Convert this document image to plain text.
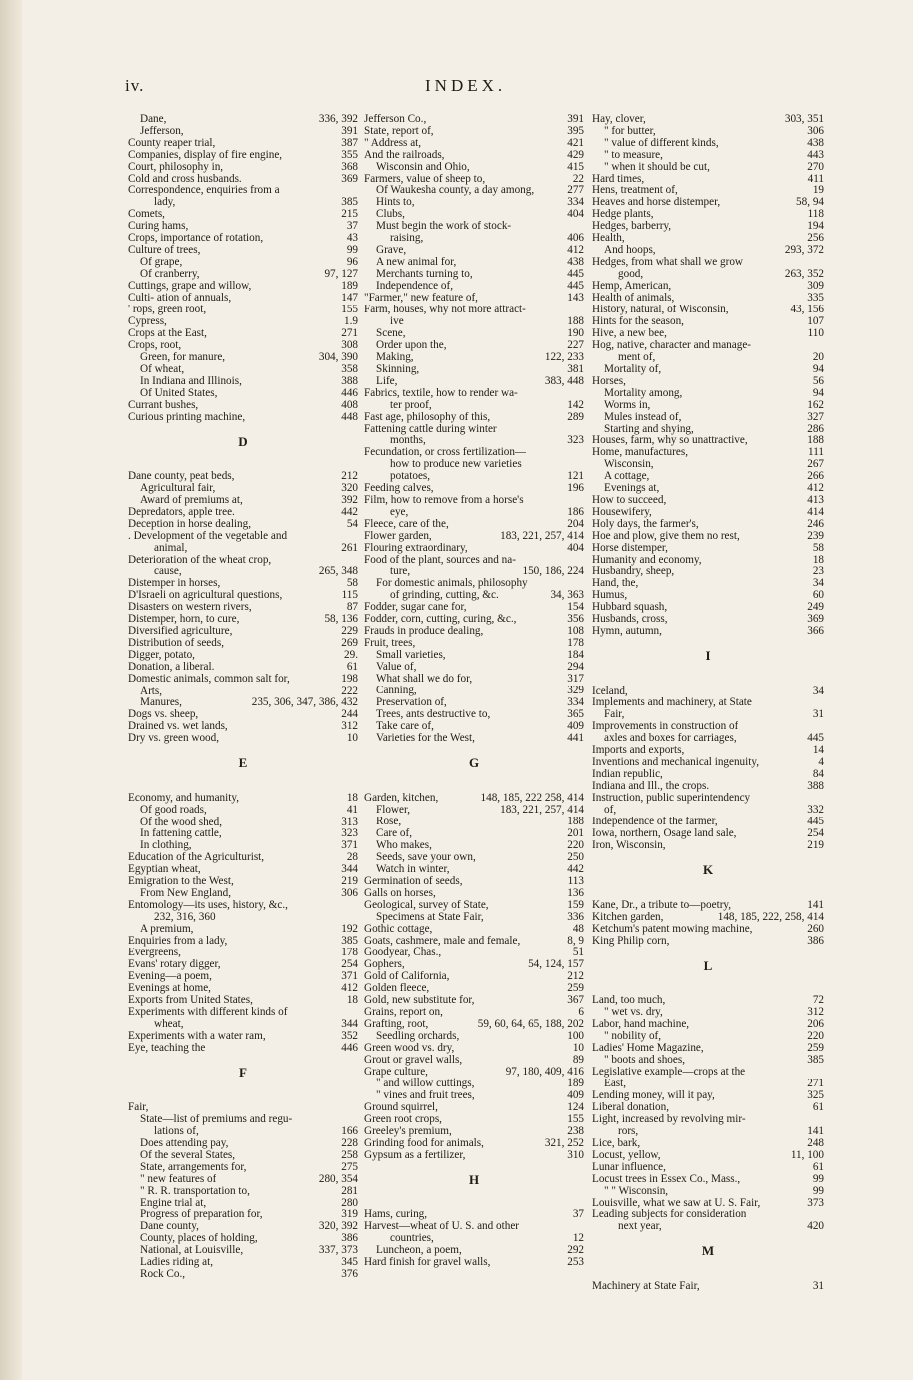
iv.	INDEX.
Dane,	336, 392
Jefferson,	391
County reaper trial,	387
Companies, display of fire engine,	355
Court, philosophy in,	368
Cold and cross husbands.	369
Correspondence, enquiries from a
lady,	385
Comets,	215
Curing hams,	37
Crops, importance of rotation,	43
Culture of trees,	99
Of grape,	96
Of cranberry,	97, 127
Cuttings, grape and willow,	189
Culti- ation of annuals,	147
' rops, green root,	155
Cypress,	1.9
Crops at the East,	271
Crops, root,	308
Green, for manure,	304, 390
Of wheat,	358
In Indiana and Illinois,	388
Of United States,	446
Currant bushes,	408
Curious printing machine,	448
D
Dane county, peat beds,	212
Agricultural fair,	320
Award of premiums at,	392
Depredators, apple tree.	442
Deception in horse dealing,	54
. Development of the vegetable and
animal,	261
Deterioration of the wheat crop,
cause,	265, 348
Distemper in horses,	58
D'Israeli on agricultural questions,	115
Disasters on western rivers,	87
Distemper, horn, to cure,	58, 136
Diversified agriculture,	229
Distribution of seeds,	269
Digger, potato,	29.
Donation, a liberal.	61
Domestic animals, common salt for,	198
Arts,	222
Manures,	235, 306, 347, 386, 432
Dogs vs. sheep,	244
Drained vs. wet lands,	312
Dry vs. green wood,	10
E
Economy, and humanity,	18
Of good roads,	41
Of the wood shed,	313
In fattening cattle,	323
In clothing,	371
Education of the Agriculturist,	28
Egyptian wheat,	344
Emigration to the West,	219
From New England,	306
Entomology—its uses, history, &c.,
232, 316, 360
A premium,	192
Enquiries from a lady,	385
Evergreens,	178
Evans' rotary digger,	254
Evening—a poem,	371
Evenings at home,	412
Exports from United States,	18
Experiments with different kinds of
wheat,	344
Experiments with a water ram,	352
Eye, teaching the	446
F
Fair,
State—list of premiums and regu-
lations of,	166
Does attending pay,	228
Of the several States,	258
State, arrangements for,	275
" new features of	280, 354
" R. R. transportation to,	281
Engine trial at,	280
Progress of preparation for,	319
Dane county,	320, 392
County, places of holding,	386
National, at Louisville,	337, 373
Ladies riding at,	345
Rock Co.,	376
Jefferson Co.,	391
State, report of,	395
" Address at,	421
And the railroads,	429
Wisconsin and Ohio,	415
Farmers, value of sheep to,	22
Of Waukesha county, a day among,	277
Hints to,	334
Clubs,	404
Must begin the work of stock-
raising,	406
Grave,	412
A new animal for,	438
Merchants turning to,	445
Independence of,	445
"Farmer," new feature of,	143
Farm, houses, why not more attract-
ive	188
Scene,	190
Order upon the,	227
Making,	122, 233
Skinning,	381
Life,	383, 448
Fabrics, textile, how to render wa-
ter proof,	142
Fast age, philosophy of this,	289
Fattening cattle during winter
months,	323
Fecundation, or cross fertilization—
how to produce new varieties
potatoes,	121
Feeding calves,	196
Film, how to remove from a horse's
eye,	186
Fleece, care of the,	204
Flower garden,	183, 221, 257, 414
Flouring extraordinary,	404
Food of the plant, sources and na-
ture,	150, 186, 224
For domestic animals, philosophy
of grinding, cutting, &c.	34, 363
Fodder, sugar cane for,	154
Fodder, corn, cutting, curing, &c.,	356
Frauds in produce dealing,	108
Fruit, trees,	178
Small varieties,	184
Value of,	294
What shall we do for,	317
Canning,	329
Preservation of,	334
Trees, ants destructive to,	365
Take care of,	409
Varieties for the West,	441
G
Garden, kitchen,	148, 185, 222 258, 414
Flower,	183, 221, 257, 414
Rose,	188
Care of,	201
Who makes,	220
Seeds, save your own,	250
Watch in winter,	442
Germination of seeds,	113
Galls on horses,	136
Geological, survey of State,	159
Specimens at State Fair,	336
Gothic cottage,	48
Goats, cashmere, male and female,	8, 9
Goodyear, Chas.,	51
Gophers,	54, 124, 157
Gold of California,	212
Golden fleece,	259
Gold, new substitute for,	367
Grains, report on,	6
Grafting, root,	59, 60, 64, 65, 188, 202
Seedling orchards,	100
Green wood vs. dry,	10
Grout or gravel walls,	89
Grape culture,	97, 180, 409, 416
" and willow cuttings,	189
" vines and fruit trees,	409
Ground squirrel,	124
Green root crops,	155
Greeley's premium,	238
Grinding food for animals,	321, 252
Gypsum as a fertilizer,	310
H
Hams, curing,	37
Harvest—wheat of U. S. and other
countries,	12
Luncheon, a poem,	292
Hard finish for gravel walls,	253
Hay, clover,	303, 351
" for butter,	306
" value of different kinds,	438
" to measure,	443
" when it should be cut,	270
Hard times,	411
Hens, treatment of,	19
Heaves and horse distemper,	58, 94
Hedge plants,	118
Hedges, barberry,	194
Health,	256
And hoops,	293, 372
Hedges, from what shall we grow
good,	263, 352
Hemp, American,	309
Health of animals,	335
History, natural, of Wisconsin,	43, 156
Hints for the season,	107
Hive, a new bee,	110
Hog, native, character and manage-
ment of,	20
Mortality of,	94
Horses,	56
Mortality among,	94
Worms in,	162
Mules instead of,	327
Starting and shying,	286
Houses, farm, why so unattractive,	188
Home, manufactures,	111
Wisconsin,	267
A cottage,	266
Evenings at,	412
How to succeed,	413
Housewifery,	414
Holy days, the farmer's,	246
Hoe and plow, give them no rest,	239
Horse distemper,	58
Humanity and economy,	18
Husbandry, sheep,	23
Hand, the,	34
Humus,	60
Hubbard squash,	249
Husbands, cross,	369
Hymn, autumn,	366
I
Iceland,	34
Implements and machinery, at State
Fair,	31
Improvements in construction of
axles and boxes for carriages,	445
Imports and exports,	14
Inventions and mechanical ingenuity,	4
Indian republic,	84
Indiana and Ill., the crops.	388
Instruction, public superintendency
of,	332
Independence of the farmer,	445
Iowa, northern, Osage land sale,	254
Iron, Wisconsin,	219
K
Kane, Dr., a tribute to—poetry,	141
Kitchen garden,	148, 185, 222, 258, 414
Ketchum's patent mowing machine,	260
King Philip corn,	386
L
Land, too much,	72
" wet vs. dry,	312
Labor, hand machine,	206
" nobility of,	220
Ladies' Home Magazine,	259
" boots and shoes,	385
Legislative example—crops at the
East,	271
Lending money, will it pay,	325
Liberal donation,	61
Light, increased by revolving mir-
rors,	141
Lice, bark,	248
Locust, yellow,	11, 100
Lunar influence,	61
Locust trees in Essex Co., Mass.,	99
" " Wisconsin,	99
Louisville, what we saw at U. S. Fair,	373
Leading subjects for consideration
next year,	420
M
Machinery at State Fair,	31
